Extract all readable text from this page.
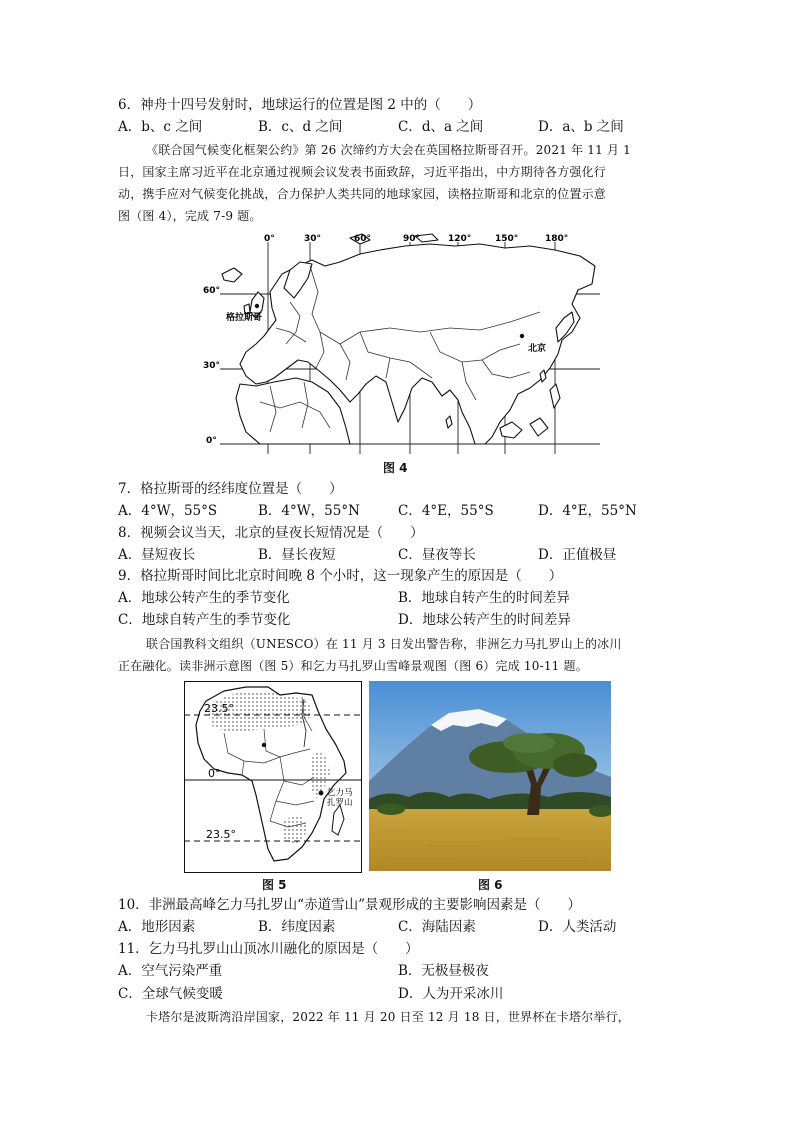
6．神舟十四号发射时，地球运行的位置是图 2 中的（　　）
A．b、c 之间	B．c、d 之间	C．d、a 之间	D．a、b 之间
《联合国气候变化框架公约》第 26 次缔约方大会在英国格拉斯哥召开。2021 年 11 月 1
日，国家主席习近平在北京通过视频会议发表书面致辞，习近平指出，中方期待各方强化行
动，携手应对气候变化挑战，合力保护人类共同的地球家园，读格拉斯哥和北京的位置示意
图（图 4），完成 7-9 题。
0°	30°	60°	90°	120°	150°	180°
60°
30°
0°
格拉斯哥
北京
图 4
7．格拉斯哥的经纬度位置是（　　）
A．4°W，55°S	B．4°W，55°N	C．4°E，55°S	D．4°E，55°N
8．视频会议当天，北京的昼夜长短情况是（　　）
A．昼短夜长	B．昼长夜短	C．昼夜等长	D．正值极昼
9．格拉斯哥时间比北京时间晚 8 个小时，这一现象产生的原因是（　　）
A．地球公转产生的季节变化	B．地球自转产生的时间差异
C．地球自转产生的季节变化	D．地球公转产生的时间差异
联合国教科文组织（UNESCO）在 11 月 3 日发出警告称，非洲乞力马扎罗山上的冰川
正在融化。读非洲示意图（图 5）和乞力马扎罗山雪峰景观图（图 6）完成 10-11 题。
23.5°
0°
23.5°
乞力马
扎罗山
图 5	图 6
10．非洲最高峰乞力马扎罗山“赤道雪山”景观形成的主要影响因素是（　　）
A．地形因素	B．纬度因素	C．海陆因素	D．人类活动
11．乞力马扎罗山山顶冰川融化的原因是（　　）
A．空气污染严重	B．无极昼极夜
C．全球气候变暖	D．人为开采冰川
卡塔尔是波斯湾沿岸国家，2022 年 11 月 20 日至 12 月 18 日，世界杯在卡塔尔举行，
